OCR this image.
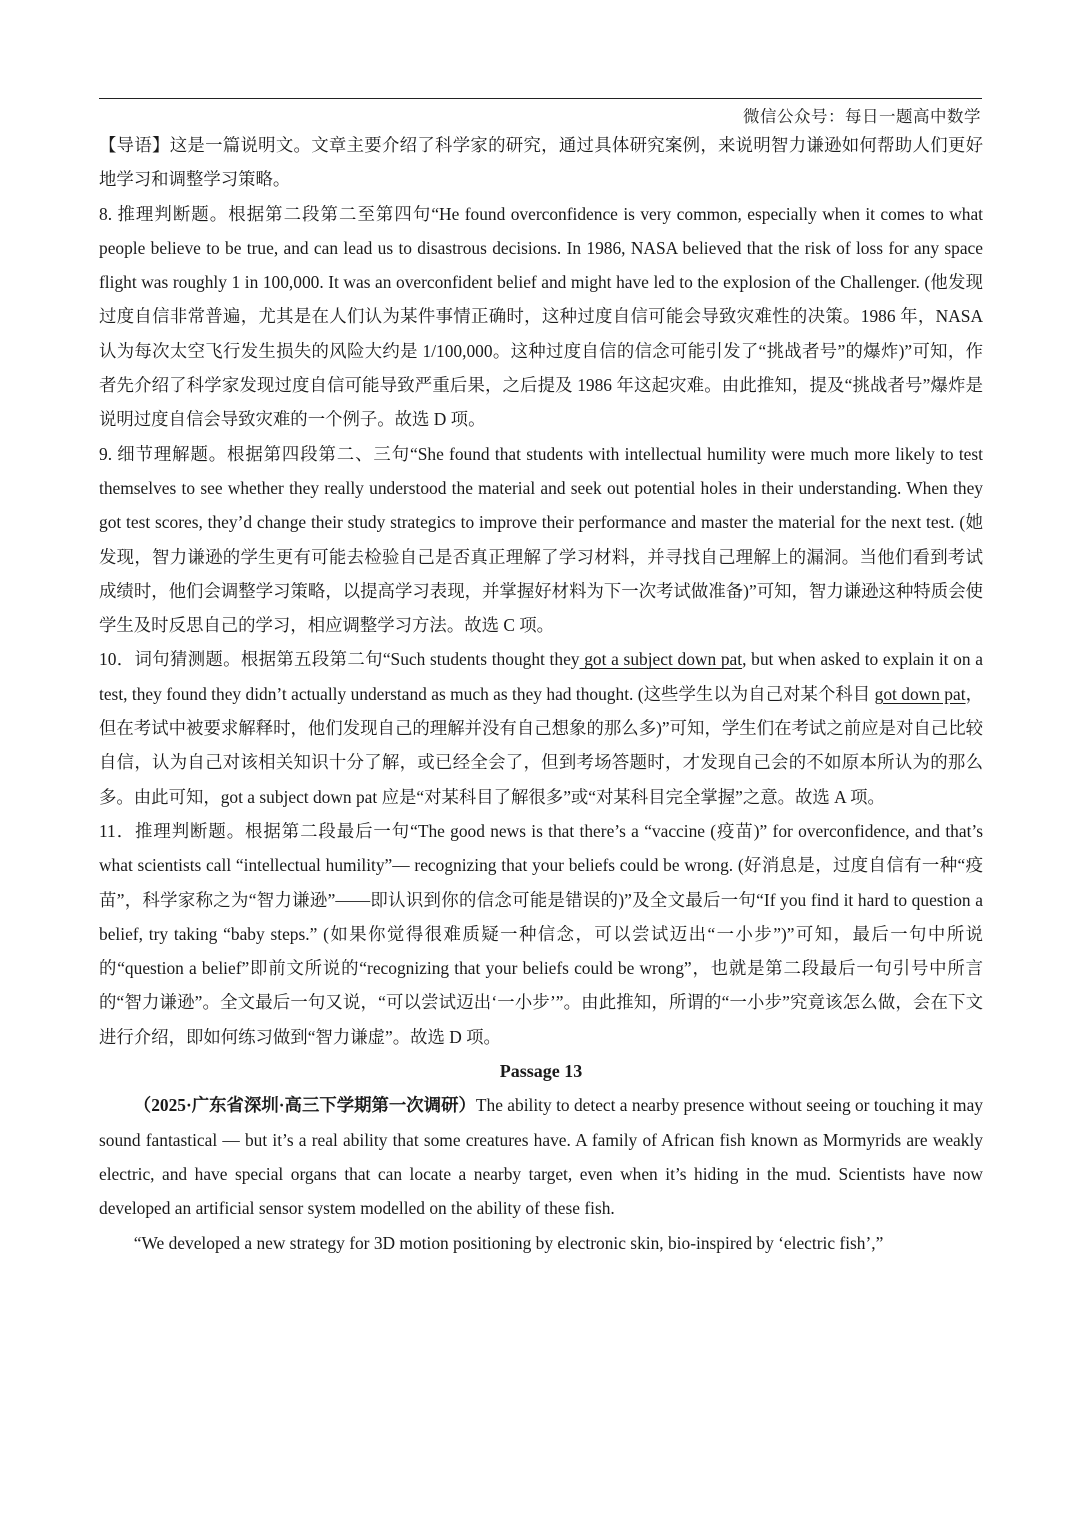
微信公众号：每日一题高中数学

【导语】这是一篇说明文。文章主要介绍了科学家的研究，通过具体研究案例，来说明智力谦逊如何帮助人们更好地学习和调整学习策略。

8. 推理判断题。根据第二段第二至第四句“He found overconfidence is very common, especially when it comes to what people believe to be true, and can lead us to disastrous decisions. In 1986, NASA believed that the risk of loss for any space flight was roughly 1 in 100,000. It was an overconfident belief and might have led to the explosion of the Challenger. (他发现过度自信非常普遍，尤其是在人们认为某件事情正确时，这种过度自信可能会导致灾难性的决策。1986 年，NASA 认为每次太空飞行发生损失的风险大约是 1/100,000。这种过度自信的信念可能引发了“挑战者号”的爆炸)”可知，作者先介绍了科学家发现过度自信可能导致严重后果，之后提及 1986 年这起灾难。由此推知，提及“挑战者号”爆炸是说明过度自信会导致灾难的一个例子。故选 D 项。

9. 细节理解题。根据第四段第二、三句“She found that students with intellectual humility were much more likely to test themselves to see whether they really understood the material and seek out potential holes in their understanding. When they got test scores, they’d change their study strategics to improve their performance and master the material for the next test. (她发现，智力谦逊的学生更有可能去检验自己是否真正理解了学习材料，并寻找自己理解上的漏洞。当他们看到考试成绩时，他们会调整学习策略，以提高学习表现，并掌握好材料为下一次考试做准备)”可知，智力谦逊这种特质会使学生及时反思自己的学习，相应调整学习方法。故选 C 项。

10．词句猜测题。根据第五段第二句“Such students thought they got a subject down pat, but when asked to explain it on a test, they found they didn’t actually understand as much as they had thought. (这些学生以为自己对某个科目 got down pat，但在考试中被要求解释时，他们发现自己的理解并没有自己想象的那么多)”可知，学生们在考试之前应是对自己比较自信，认为自己对该相关知识十分了解，或已经全会了，但到考场答题时，才发现自己会的不如原本所认为的那么多。由此可知，got a subject down pat 应是“对某科目了解很多”或“对某科目完全掌握”之意。故选 A 项。

11．推理判断题。根据第二段最后一句“The good news is that there’s a “vaccine (疫苗)” for overconfidence, and that’s what scientists call “intellectual humility”— recognizing that your beliefs could be wrong. (好消息是，过度自信有一种“疫苗”，科学家称之为“智力谦逊”——即认识到你的信念可能是错误的)”及全文最后一句“If you find it hard to question a belief, try taking “baby steps.” (如果你觉得很难质疑一种信念，可以尝试迈出“一小步”)”可知，最后一句中所说的“question a belief”即前文所说的“recognizing that your beliefs could be wrong”，也就是第二段最后一句引号中所言的“智力谦逊”。全文最后一句又说，“可以尝试迈出‘一小步’”。由此推知，所谓的“一小步”究竟该怎么做，会在下文进行介绍，即如何练习做到“智力谦虚”。故选 D 项。

Passage 13

（2025·广东省深圳·高三下学期第一次调研）The ability to detect a nearby presence without seeing or touching it may sound fantastical — but it’s a real ability that some creatures have. A family of African fish known as Mormyrids are weakly electric, and have special organs that can locate a nearby target, even when it’s hiding in the mud. Scientists have now developed an artificial sensor system modelled on the ability of these fish.

“We developed a new strategy for 3D motion positioning by electronic skin, bio-inspired by ‘electric fish’,”
